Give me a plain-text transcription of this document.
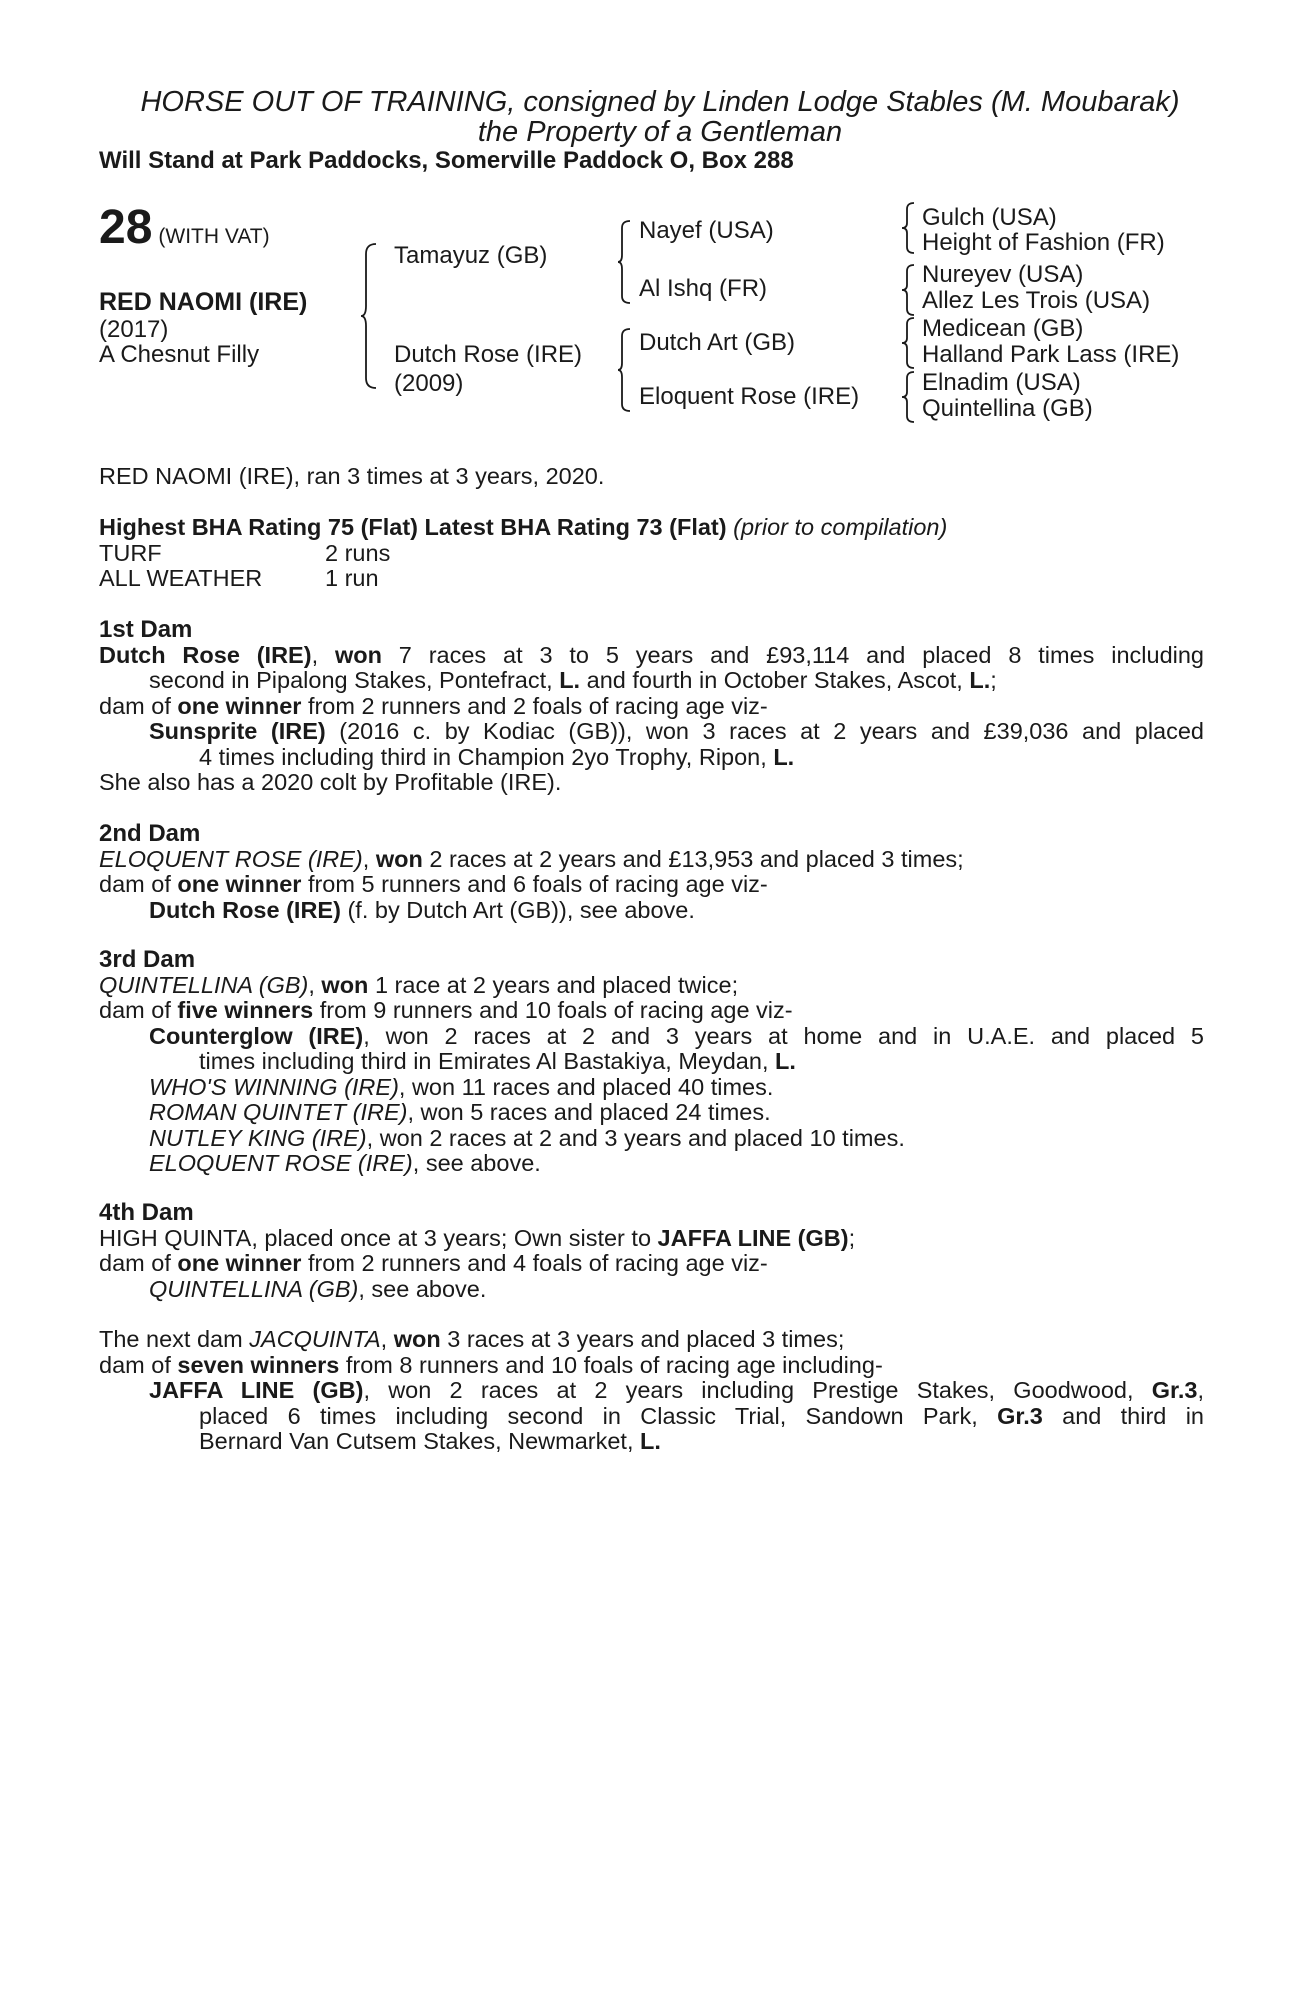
HORSE OUT OF TRAINING, consigned by Linden Lodge Stables (M. Moubarak)
the Property of a Gentleman
Will Stand at Park Paddocks, Somerville Paddock O, Box 288
28 (WITH VAT)
RED NAOMI (IRE)
(2017)
A Chesnut Filly
Tamayuz (GB)
Dutch Rose (IRE)
(2009)
Nayef (USA)
Al Ishq (FR)
Dutch Art (GB)
Eloquent Rose (IRE)
Gulch (USA)
Height of Fashion (FR)
Nureyev (USA)
Allez Les Trois (USA)
Medicean (GB)
Halland Park Lass (IRE)
Elnadim (USA)
Quintellina (GB)
RED NAOMI (IRE), ran 3 times at 3 years, 2020.
Highest BHA Rating 75 (Flat) Latest BHA Rating 73 (Flat) (prior to compilation)
TURF	2 runs
ALL WEATHER	1 run
1st Dam
Dutch Rose (IRE), won 7 races at 3 to 5 years and £93,114 and placed 8 times including
second in Pipalong Stakes, Pontefract, L. and fourth in October Stakes, Ascot, L.;
dam of one winner from 2 runners and 2 foals of racing age viz-
Sunsprite (IRE) (2016 c. by Kodiac (GB)), won 3 races at 2 years and £39,036 and placed
4 times including third in Champion 2yo Trophy, Ripon, L.
She also has a 2020 colt by Profitable (IRE).
2nd Dam
ELOQUENT ROSE (IRE), won 2 races at 2 years and £13,953 and placed 3 times;
dam of one winner from 5 runners and 6 foals of racing age viz-
Dutch Rose (IRE) (f. by Dutch Art (GB)), see above.
3rd Dam
QUINTELLINA (GB), won 1 race at 2 years and placed twice;
dam of five winners from 9 runners and 10 foals of racing age viz-
Counterglow (IRE), won 2 races at 2 and 3 years at home and in U.A.E. and placed 5
times including third in Emirates Al Bastakiya, Meydan, L.
WHO'S WINNING (IRE), won 11 races and placed 40 times.
ROMAN QUINTET (IRE), won 5 races and placed 24 times.
NUTLEY KING (IRE), won 2 races at 2 and 3 years and placed 10 times.
ELOQUENT ROSE (IRE), see above.
4th Dam
HIGH QUINTA, placed once at 3 years; Own sister to JAFFA LINE (GB);
dam of one winner from 2 runners and 4 foals of racing age viz-
QUINTELLINA (GB), see above.
The next dam JACQUINTA, won 3 races at 3 years and placed 3 times;
dam of seven winners from 8 runners and 10 foals of racing age including-
JAFFA LINE (GB), won 2 races at 2 years including Prestige Stakes, Goodwood, Gr.3,
placed 6 times including second in Classic Trial, Sandown Park, Gr.3 and third in
Bernard Van Cutsem Stakes, Newmarket, L.
